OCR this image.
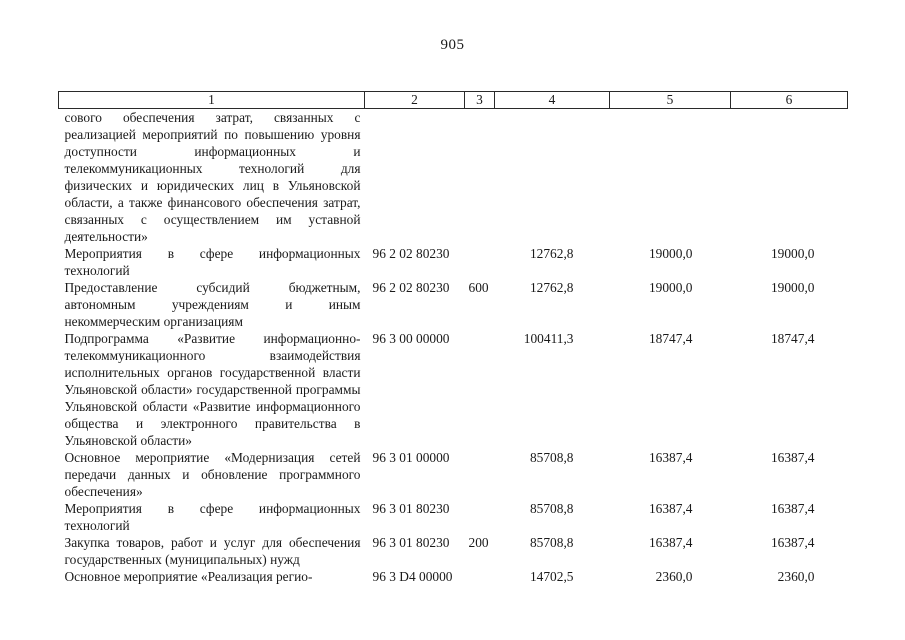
905
1	2	3	4	5	6
сового обеспечения затрат, связанных с реализацией мероприятий по повышению уровня доступности информационных и телекоммуникационных технологий для физических и юридических лиц в Ульяновской области, а также финансового обеспечения затрат, связанных с осуществлением им уставной деятельности»					
Мероприятия в сфере информационных технологий	96 2 02 80230		12762,8	19000,0	19000,0
Предоставление субсидий бюджетным, автономным учреждениям и иным некоммерческим организациям	96 2 02 80230	600	12762,8	19000,0	19000,0
Подпрограмма «Развитие информационно-телекоммуникационного взаимодействия исполнительных органов государственной власти Ульяновской области» государственной программы Ульяновской области «Развитие информационного общества и электронного правительства в Ульяновской области»	96 3 00 00000		100411,3	18747,4	18747,4
Основное мероприятие «Модернизация сетей передачи данных и обновление программного обеспечения»	96 3 01 00000		85708,8	16387,4	16387,4
Мероприятия в сфере информационных технологий	96 3 01 80230		85708,8	16387,4	16387,4
Закупка товаров, работ и услуг для обеспечения государственных (муниципальных) нужд	96 3 01 80230	200	85708,8	16387,4	16387,4
Основное мероприятие «Реализация регио-	96 3 D4 00000		14702,5	2360,0	2360,0
